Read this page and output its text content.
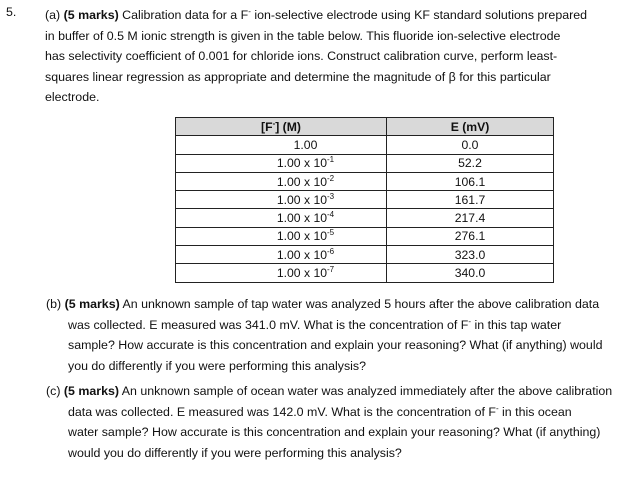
5. (a) (5 marks) Calibration data for a F- ion-selective electrode using KF standard solutions prepared
in buffer of 0.5 M ionic strength is given in the table below. This fluoride ion-selective electrode
has selectivity coefficient of 0.001 for chloride ions. Construct calibration curve, perform least-
squares linear regression as appropriate and determine the magnitude of β for this particular
electrode.
[F-] (M)	E (mV)
1.00	0.0
1.00 x $10^{-1}$	52.2
1.00 x $10^{-2}$	106.1
1.00 x $10^{-3}$	161.7
1.00 x $10^{-4}$	217.4
1.00 x $10^{-5}$	276.1
1.00 x $10^{-6}$	323.0
1.00 x $10^{-7}$	340.0
(b) (5 marks) An unknown sample of tap water was analyzed 5 hours after the above calibration data
was collected. E measured was 341.0 mV. What is the concentration of F- in this tap water
sample? How accurate is this concentration and explain your reasoning? What (if anything) would
you do differently if you were performing this analysis?
(c) (5 marks) An unknown sample of ocean water was analyzed immediately after the above calibration
data was collected. E measured was 142.0 mV. What is the concentration of F- in this ocean
water sample? How accurate is this concentration and explain your reasoning? What (if anything)
would you do differently if you were performing this analysis?
